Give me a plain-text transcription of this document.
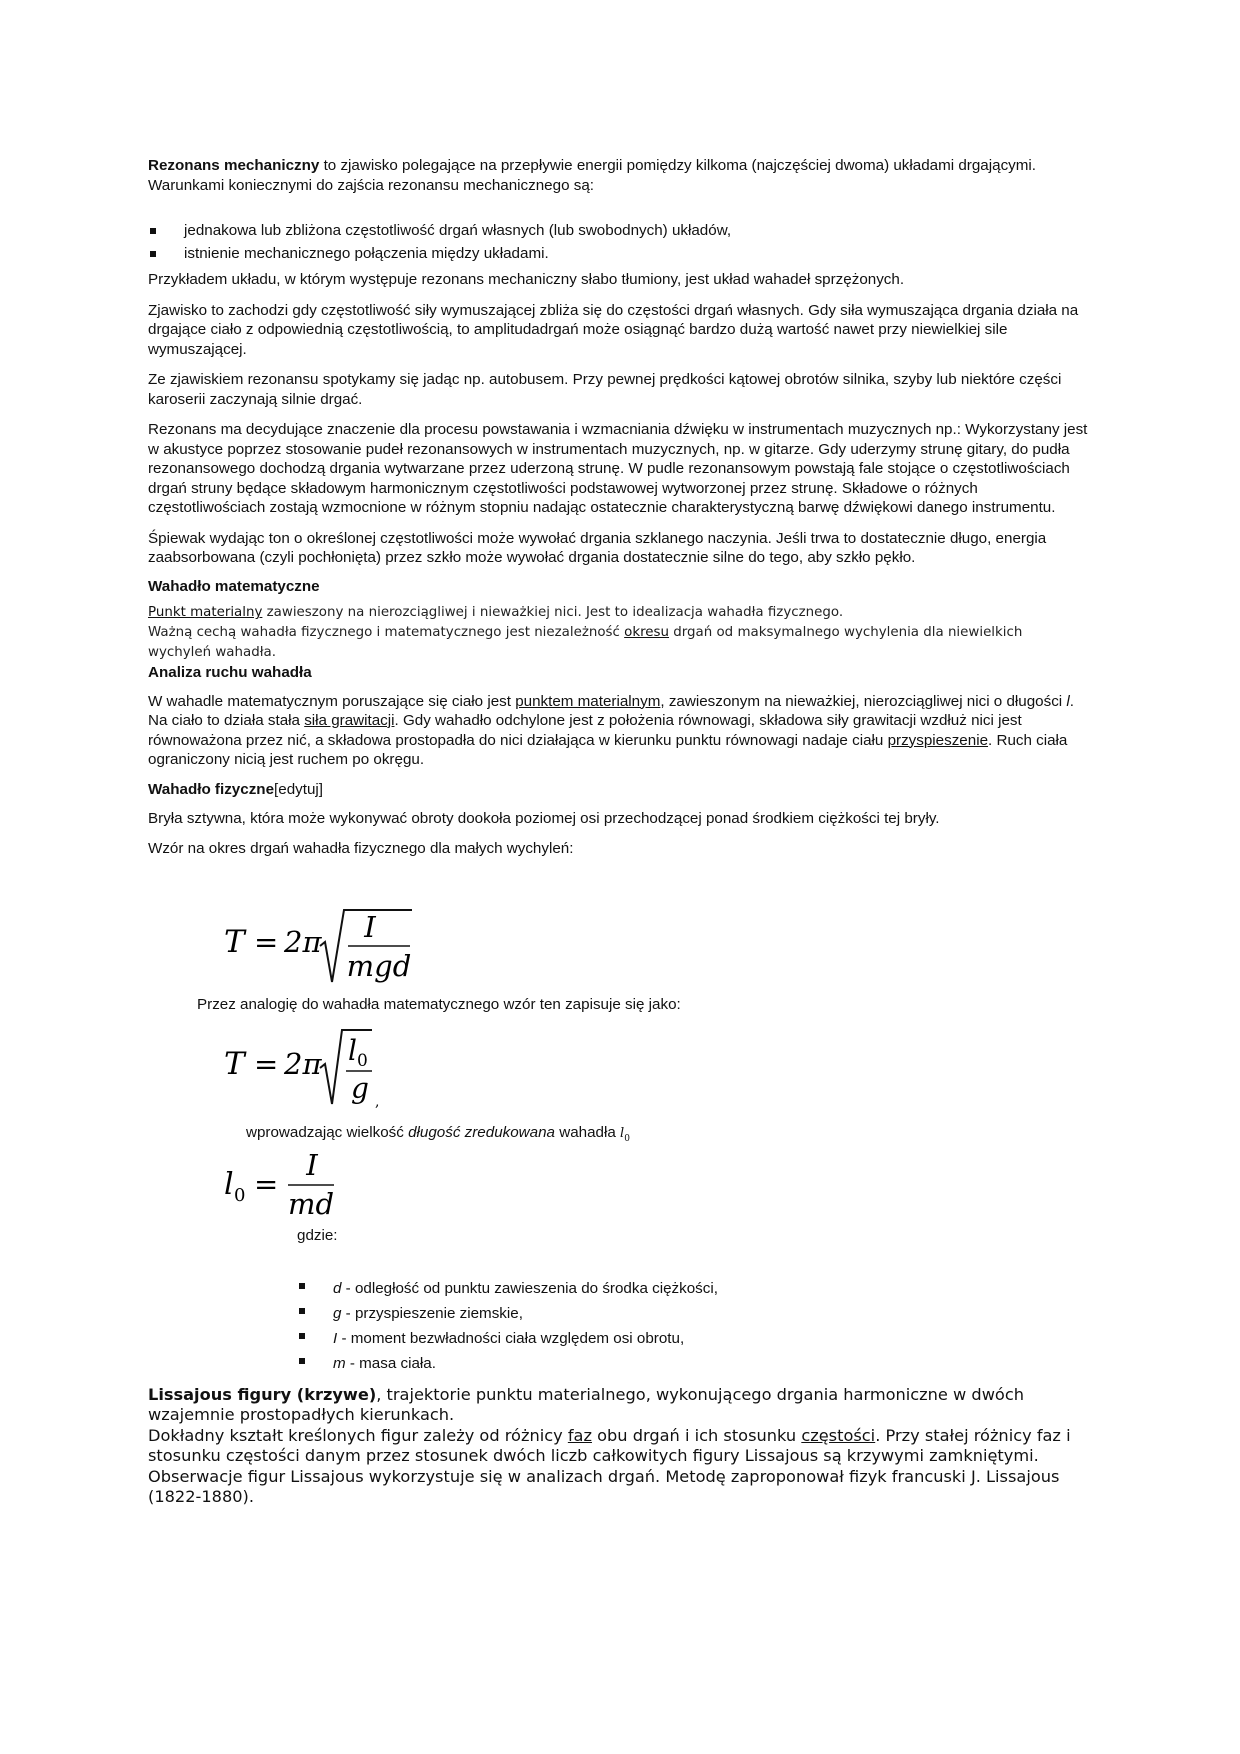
Rezonans mechaniczny to zjawisko polegające na przepływie energii pomiędzy kilkoma (najczęściej dwoma) układami drgającymi. Warunkami koniecznymi do zajścia rezonansu mechanicznego są:

jednakowa lub zbliżona częstotliwość drgań własnych (lub swobodnych) układów,
istnienie mechanicznego połączenia między układami.

Przykładem układu, w którym występuje rezonans mechaniczny słabo tłumiony, jest układ wahadeł sprzężonych.

Zjawisko to zachodzi gdy częstotliwość siły wymuszającej zbliża się do częstości drgań własnych. Gdy siła wymuszająca drgania działa na drgające ciało z odpowiednią częstotliwością, to amplitudadrgań może osiągnąć bardzo dużą wartość nawet przy niewielkiej sile wymuszającej.

Ze zjawiskiem rezonansu spotykamy się jadąc np. autobusem. Przy pewnej prędkości kątowej obrotów silnika, szyby lub niektóre części karoserii zaczynają silnie drgać.

Rezonans ma decydujące znaczenie dla procesu powstawania i wzmacniania dźwięku w instrumentach muzycznych np.: Wykorzystany jest w akustyce poprzez stosowanie pudeł rezonansowych w instrumentach muzycznych, np. w gitarze. Gdy uderzymy strunę gitary, do pudła rezonansowego dochodzą drgania wytwarzane przez uderzoną strunę. W pudle rezonansowym powstają fale stojące o częstotliwościach drgań struny będące składowym harmonicznym częstotliwości podstawowej wytworzonej przez strunę. Składowe o różnych częstotliwościach zostają wzmocnione w różnym stopniu nadając ostatecznie charakterystyczną barwę dźwiękowi danego instrumentu.

Śpiewak wydając ton o określonej częstotliwości może wywołać drgania szklanego naczynia. Jeśli trwa to dostatecznie długo, energia zaabsorbowana (czyli pochłonięta) przez szkło może wywołać drgania dostatecznie silne do tego, aby szkło pękło.

Wahadło matematyczne

Punkt materialny zawieszony na nierozciągliwej i nieważkiej nici. Jest to idealizacja wahadła fizycznego.

Ważną cechą wahadła fizycznego i matematycznego jest niezależność okresu drgań od maksymalnego wychylenia dla niewielkich wychyleń wahadła.

Analiza ruchu wahadła

W wahadle matematycznym poruszające się ciało jest punktem materialnym, zawieszonym na nieważkiej, nierozciągliwej nici o długości l. Na ciało to działa stała siła grawitacji. Gdy wahadło odchylone jest z położenia równowagi, składowa siły grawitacji wzdłuż nici jest równoważona przez nić, a składowa prostopadła do nici działająca w kierunku punktu równowagi nadaje ciału przyspieszenie. Ruch ciała ograniczony nicią jest ruchem po okręgu.

Wahadło fizyczne[edytuj]

Bryła sztywna, która może wykonywać obroty dookoła poziomej osi przechodzącej ponad środkiem ciężkości tej bryły.

Wzór na okres drgań wahadła fizycznego dla małych wychyleń:

T = 2π I
mgd

Przez analogię do wahadła matematycznego wzór ten zapisuje się jako:

T = 2π l 0
g ,

wprowadzając wielkość długość zredukowana wahadła $l_0$

l 0 =
I
md

gdzie:

d - odległość od punktu zawieszenia do środka ciężkości,
g - przyspieszenie ziemskie,
I - moment bezwładności ciała względem osi obrotu,
m - masa ciała.

Lissajous figury (krzywe), trajektorie punktu materialnego, wykonującego drgania harmoniczne w dwóch wzajemnie prostopadłych kierunkach.

Dokładny kształt kreślonych figur zależy od różnicy faz obu drgań i ich stosunku częstości. Przy stałej różnicy faz i stosunku częstości danym przez stosunek dwóch liczb całkowitych figury Lissajous są krzywymi zamkniętymi.

Obserwacje figur Lissajous wykorzystuje się w analizach drgań. Metodę zaproponował fizyk francuski J. Lissajous (1822-1880).
